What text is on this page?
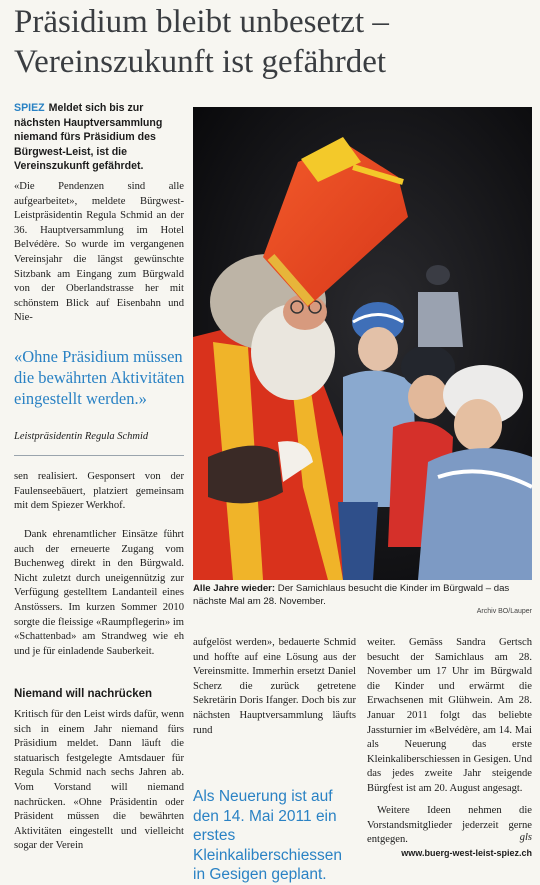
Präsidium bleibt unbesetzt –
Vereinszukunft ist gefährdet
SPIEZ Meldet sich bis zur nächsten Hauptversammlung niemand fürs Präsidium des Bürgwest-Leist, ist die Vereinszukunft gefährdet.
«Die Pendenzen sind alle aufgearbeitet», meldete Bürgwest-Leistpräsidentin Regula Schmid an der 36. Hauptversammlung im Hotel Belvédère. So wurde im vergangenen Vereinsjahr die längst gewünschte Sitzbank am Eingang zum Bürgwald von der Oberlandstrasse her mit schönstem Blick auf Eisenbahn und Nie-
«Ohne Präsidium müssen die bewährten Aktivitäten eingestellt werden.»
Leistpräsidentin Regula Schmid
sen realisiert. Gesponsert von der Faulenseebäuert, platziert gemeinsam mit dem Spiezer Werkhof.
Dank ehrenamtlicher Einsätze führt auch der erneuerte Zugang vom Buchenweg direkt in den Bürgwald. Nicht zuletzt durch uneigennützig zur Verfügung gestelltem Landanteil eines Anstössers. Im kurzen Sommer 2010 sorgte die fleissige «Raumpflegerin» im «Schattenbad» am Strandweg wie eh und je für einladende Sauberkeit.
Niemand will nachrücken
Kritisch für den Leist wirds dafür, wenn sich in einem Jahr niemand fürs Präsidium meldet. Dann läuft die statuarisch festgelegte Amtsdauer für Regula Schmid nach sechs Jahren ab. Vom Vorstand will niemand nachrücken. «Ohne Präsidentin oder Präsident müssen die bewährten Aktivitäten eingestellt und vielleicht sogar der Verein
Alle Jahre wieder: Der Samichlaus besucht die Kinder im Bürgwald – das nächste Mal am 28. November.
Archiv BO/Lauper
aufgelöst werden», bedauerte Schmid und hoffte auf eine Lösung aus der Vereinsmitte. Immerhin ersetzt Daniel Scherz die zurück getretene Sekretärin Doris Ifanger. Doch bis zur nächsten Hauptversammlung läufts rund
Als Neuerung ist auf den 14. Mai 2011 ein erstes Kleinkaliberschiessen in Gesigen geplant.
weiter. Gemäss Sandra Gertsch besucht der Samichlaus am 28. November um 17 Uhr im Bürgwald die Kinder und erwärmt die Erwachsenen mit Glühwein. Am 28. Januar 2011 folgt das beliebte Jassturnier im «Belvédère, am 14. Mai als Neuerung das erste Kleinkaliberschiessen in Gesigen. Und das jedes zweite Jahr steigende Bürgfest ist am 20. August angesagt.
Weitere Ideen nehmen die Vorstandsmitglieder jederzeit gerne entgegen.	gls
www.buerg-west-leist-spiez.ch
